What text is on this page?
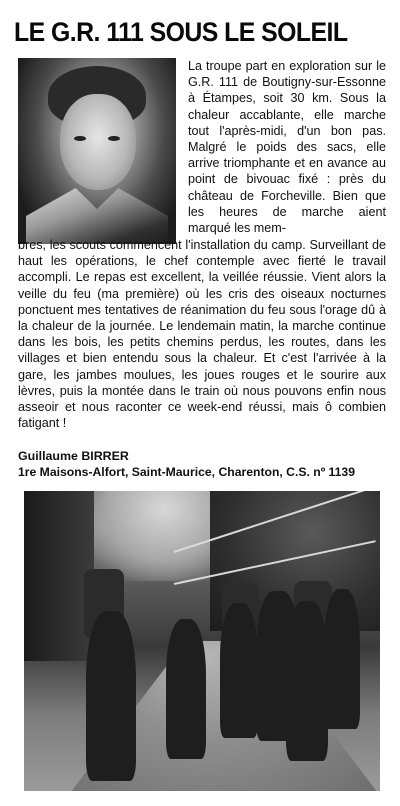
LE G.R. 111 SOUS LE SOLEIL

La troupe part en exploration sur le G.R. 111 de Boutigny-sur-Essonne à Étampes, soit 30 km. Sous la chaleur accablante, elle marche tout l'après-midi, d'un bon pas. Malgré le poids des sacs, elle arrive triomphante et en avance au point de bivouac fixé : près du château de Forcheville. Bien que les heures de marche aient marqué les mem-

bres, les scouts commencent l'installation du camp. Surveillant de haut les opérations, le chef contemple avec fierté le travail accompli. Le repas est excellent, la veillée réussie. Vient alors la veille du feu (ma première) où les cris des oiseaux nocturnes ponctuent mes tentatives de réanimation du feu sous l'orage dû à la chaleur de la journée. Le lendemain matin, la marche continue dans les bois, les petits chemins perdus, les routes, dans les villages et bien entendu sous la chaleur. Et c'est l'arrivée à la gare, les jambes moulues, les joues rouges et le sourire aux lèvres, puis la montée dans le train où nous pouvons enfin nous asseoir et nous raconter ce week-end réussi, mais ô combien fatigant !

Guillaume BIRRER

1re Maisons-Alfort, Saint-Maurice, Charenton, C.S. nº 1139
